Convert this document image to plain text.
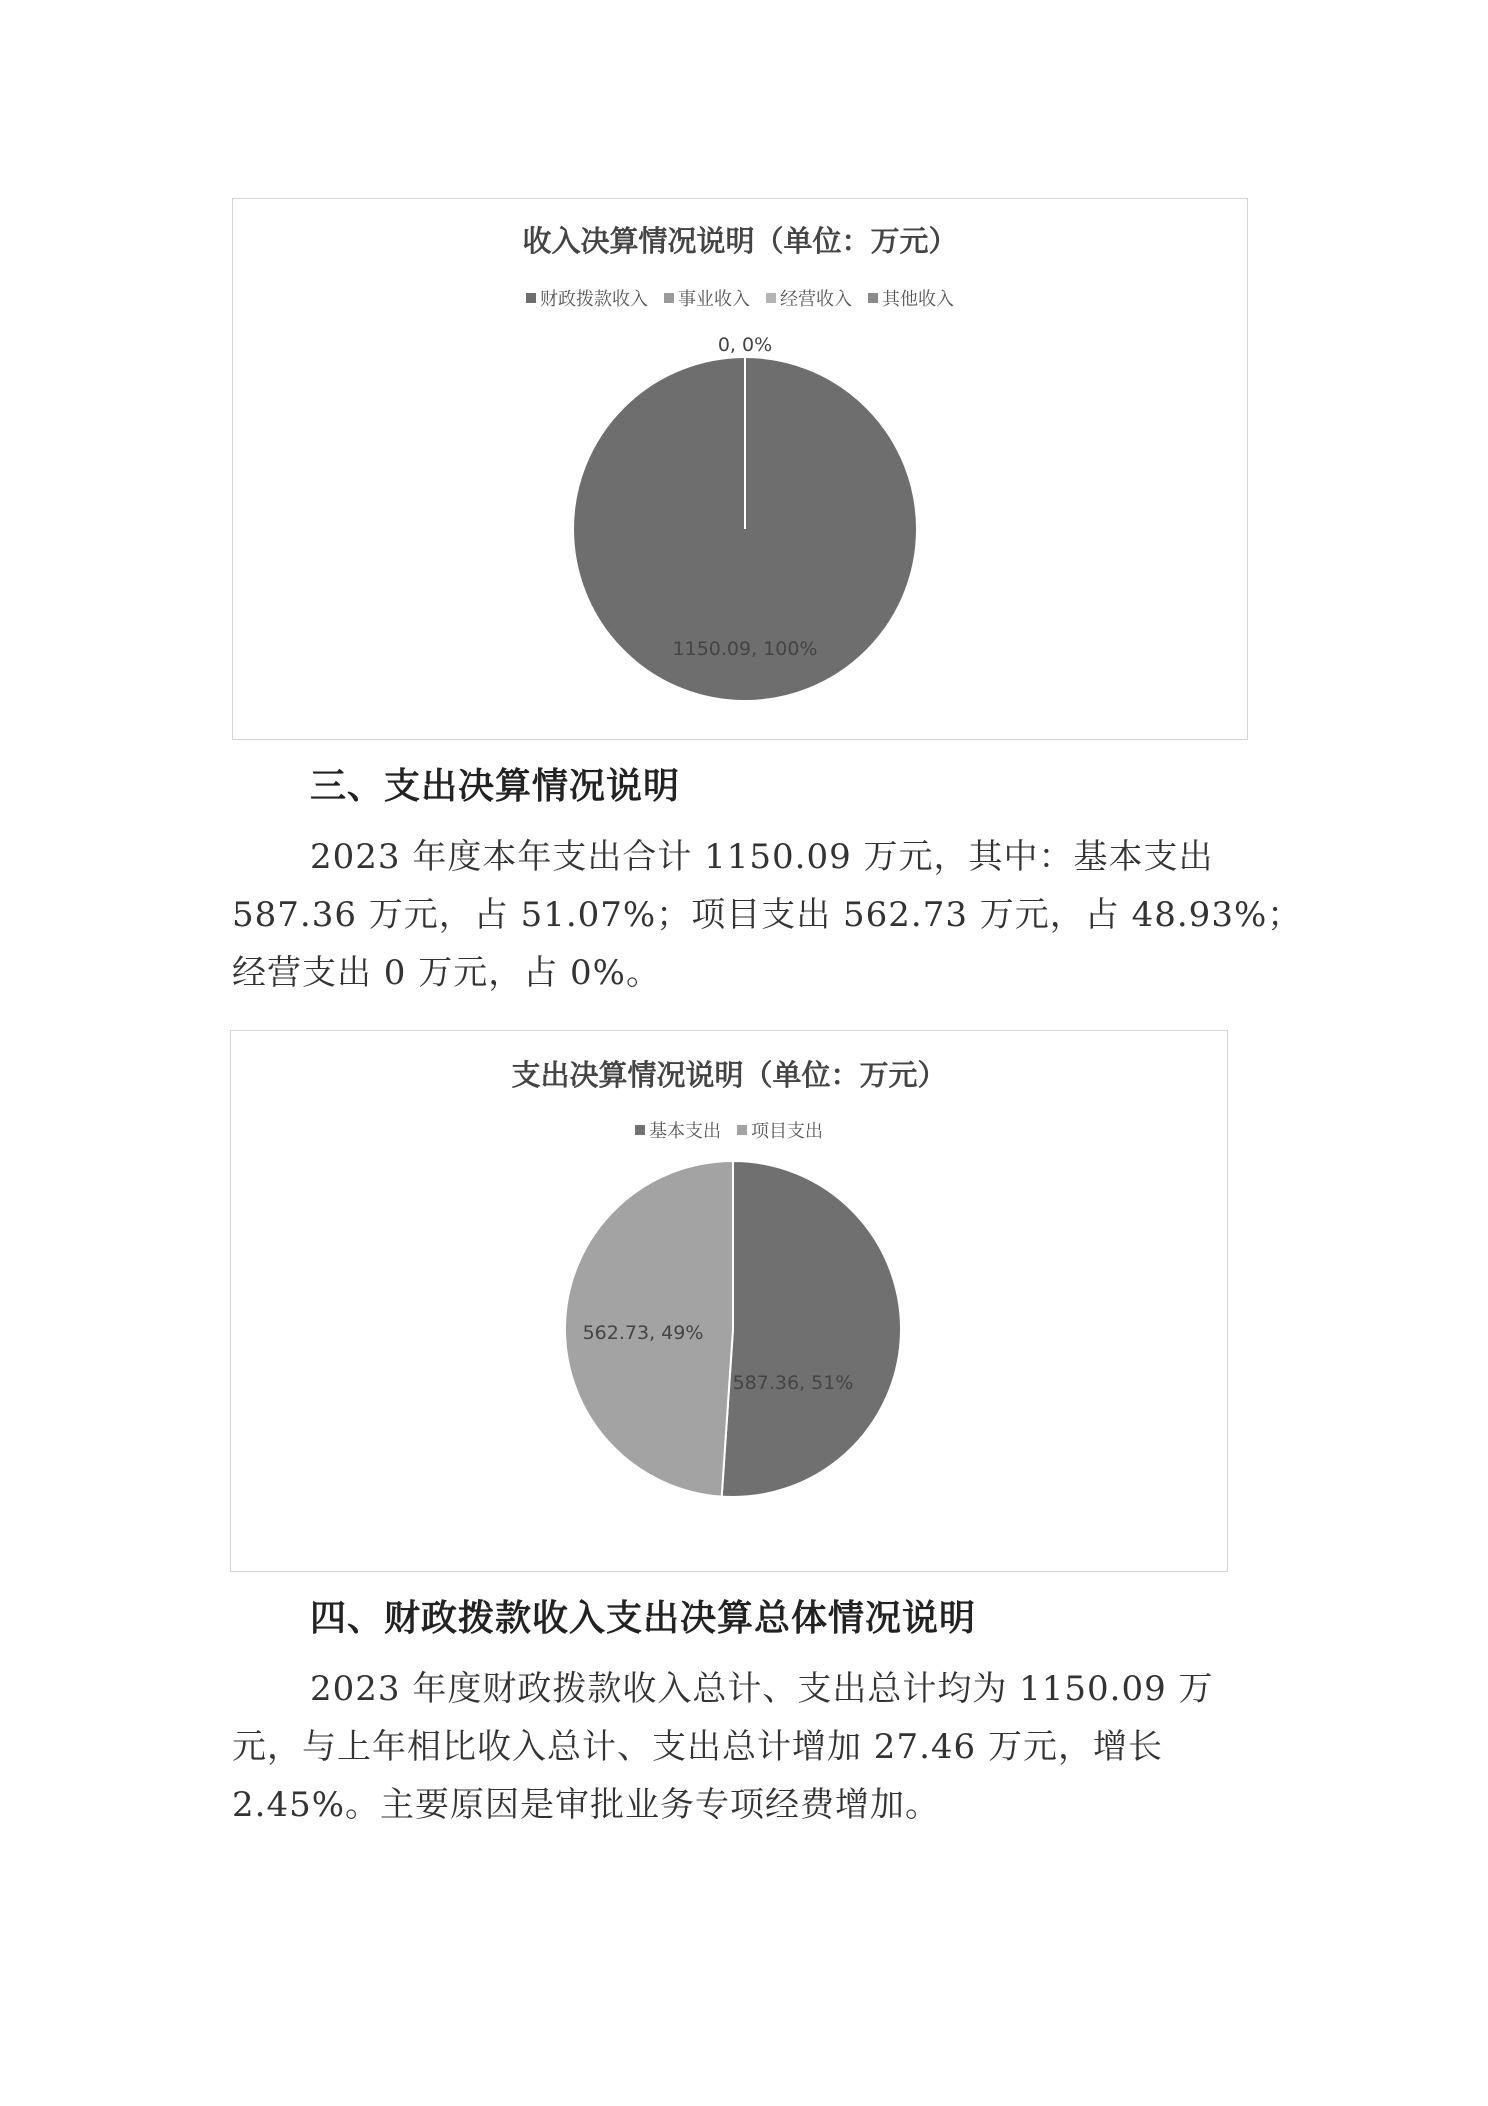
收入决算情况说明（单位：万元）
财政拨款收入 事业收入 经营收入 其他收入
1150.09, 100%
0, 0%
三、支出决算情况说明
2023 年度本年支出合计 1150.09 万元，其中：基本支出
587.36 万元，占 51.07%；项目支出 562.73 万元，占 48.93%；
经营支出 0 万元，占 0%。
支出决算情况说明（单位：万元）
基本支出 项目支出
587.36, 51%
562.73, 49%
四、财政拨款收入支出决算总体情况说明
2023 年度财政拨款收入总计、支出总计均为 1150.09 万
元，与上年相比收入总计、支出总计增加 27.46 万元，增长
2.45%。主要原因是审批业务专项经费增加。
